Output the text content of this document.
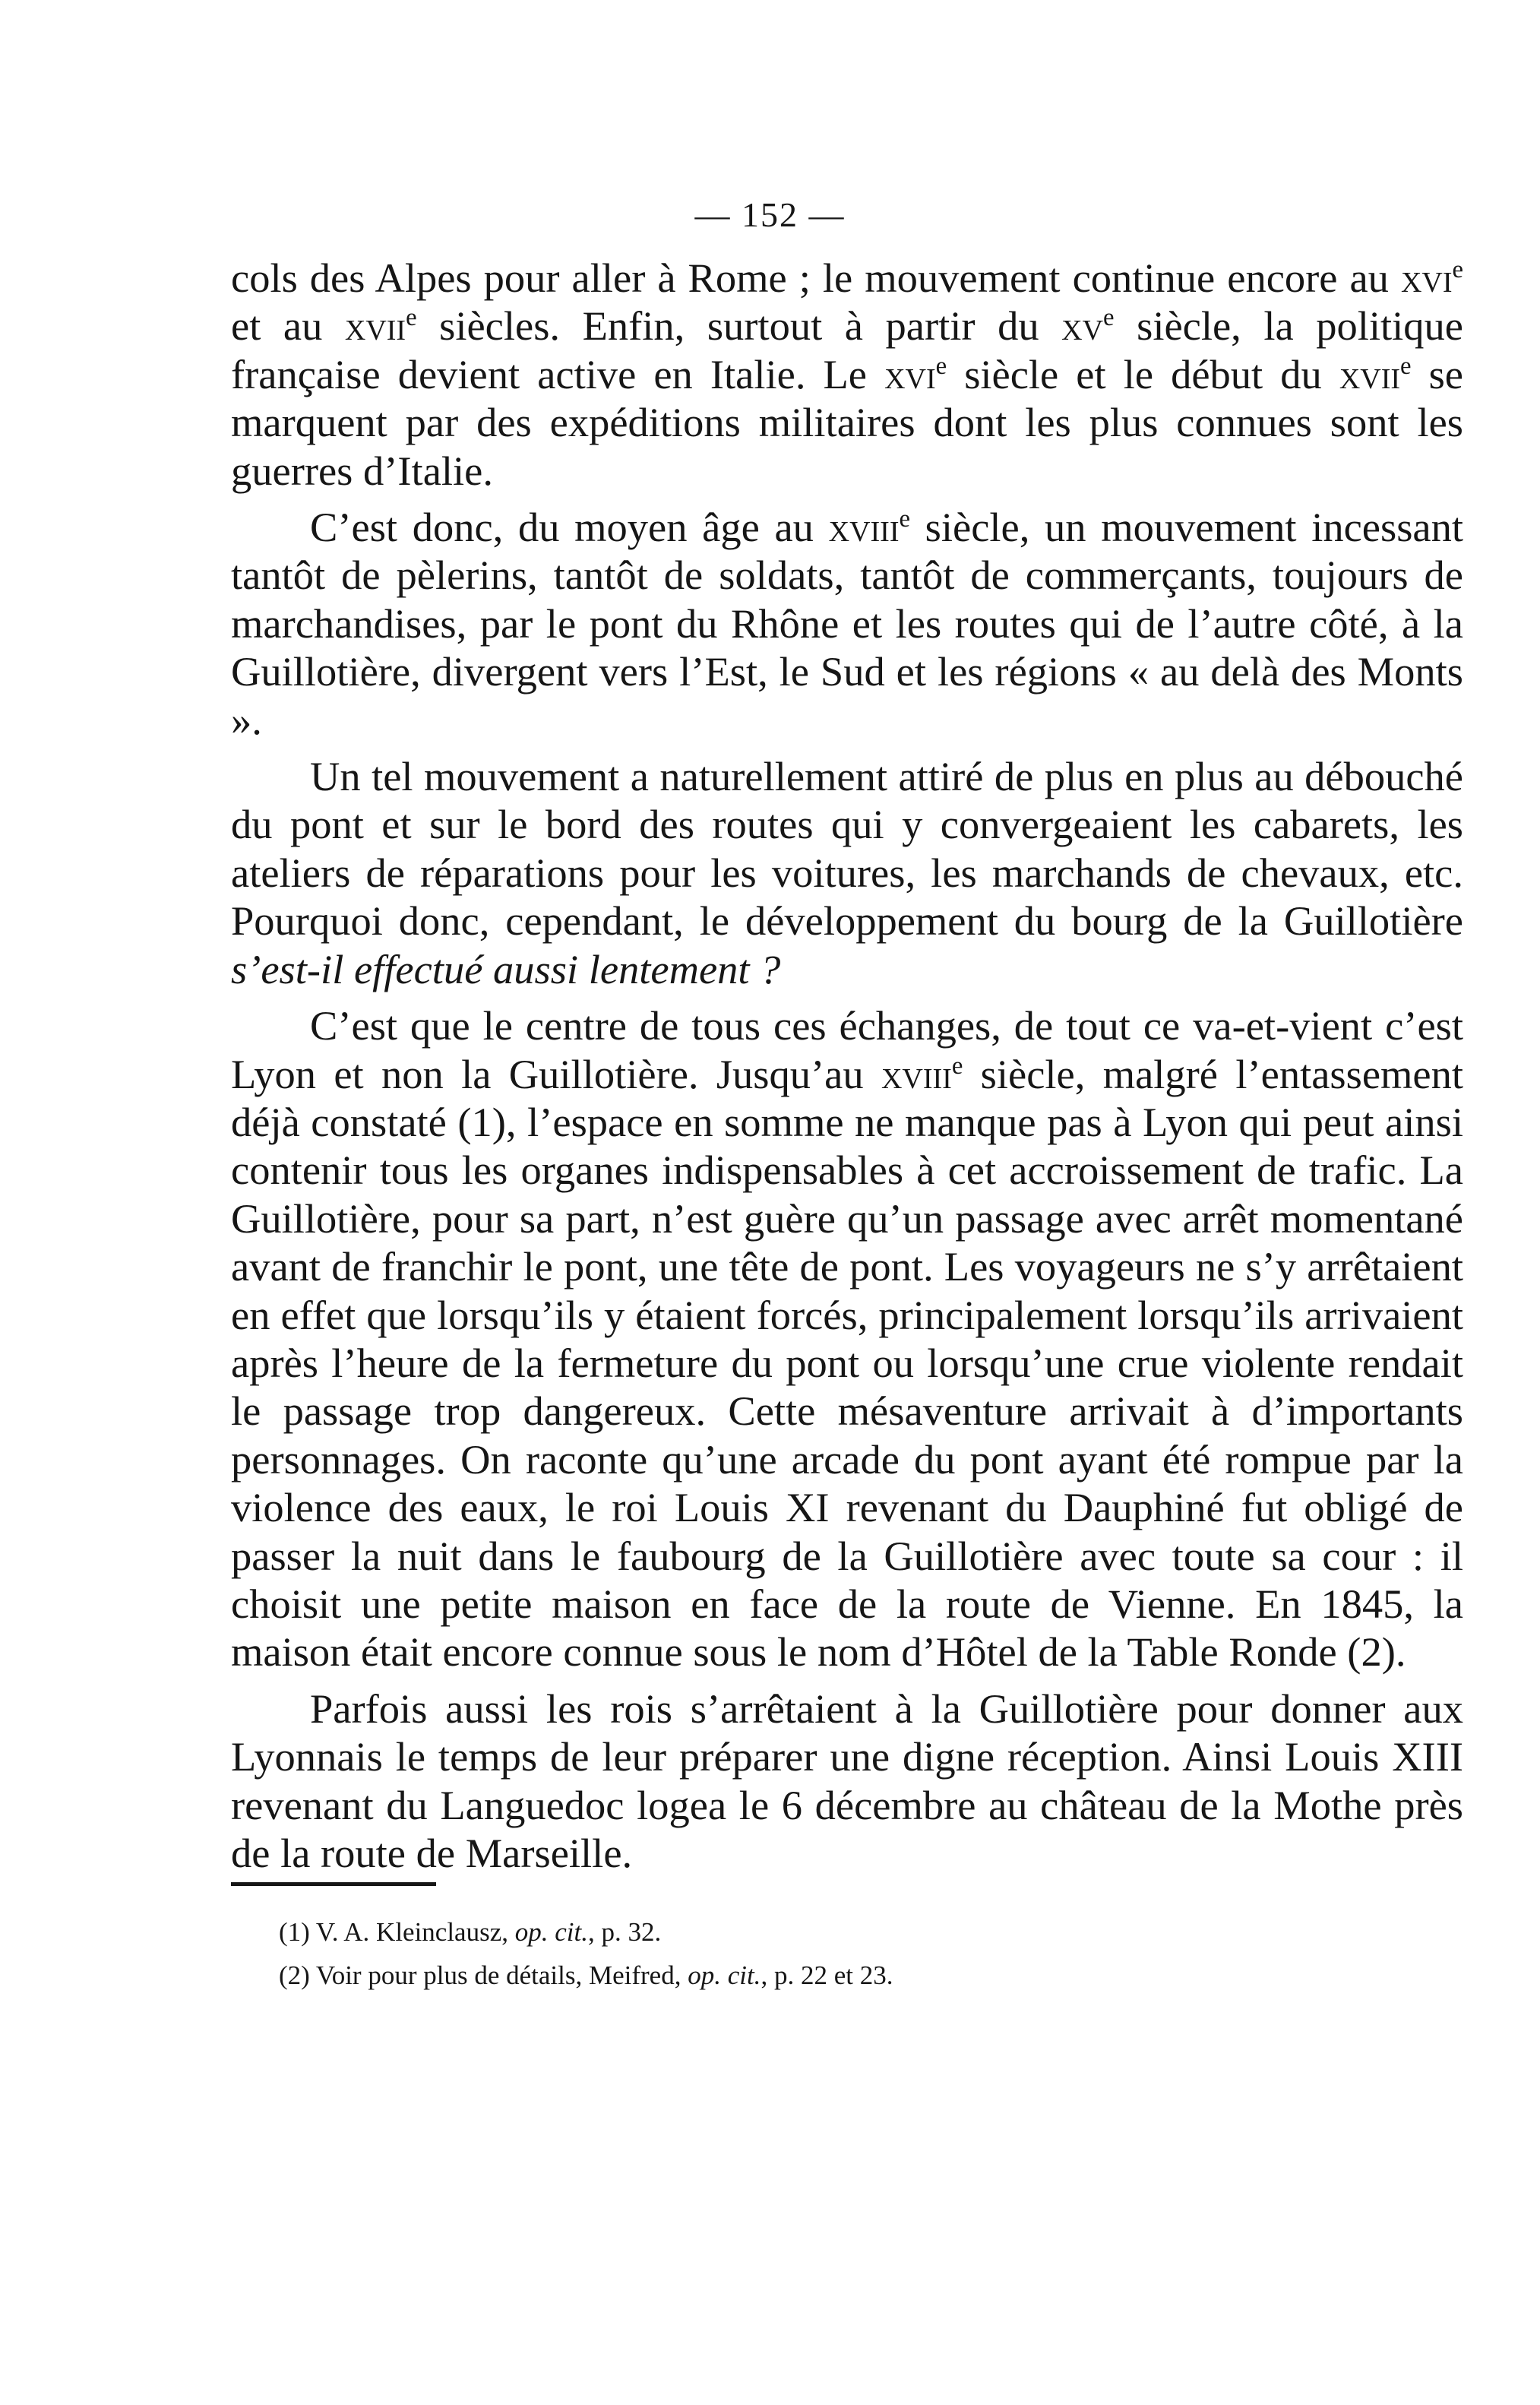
— 152 —

cols des Alpes pour aller à Rome ; le mouvement continue encore au xvi$^e$ et au xvii$^e$ siècles. Enfin, surtout à partir du $xv^e$ siècle, la politique française devient active en Italie. Le xvi$^e$ siècle et le début du xvii$^e$ se marquent par des expéditions militaires dont les plus connues sont les guerres d’Italie.

C’est donc, du moyen âge au xviii$^e$ siècle, un mouvement incessant tantôt de pèlerins, tantôt de soldats, tantôt de commerçants, toujours de marchandises, par le pont du Rhône et les routes qui de l’autre côté, à la Guillotière, divergent vers l’Est, le Sud et les régions « au delà des Monts ».

Un tel mouvement a naturellement attiré de plus en plus au débouché du pont et sur le bord des routes qui y convergeaient les cabarets, les ateliers de réparations pour les voitures, les marchands de chevaux, etc. Pourquoi donc, cependant, le développement du bourg de la Guillotière s’est-il effectué aussi lentement ?

C’est que le centre de tous ces échanges, de tout ce va-et-vient c’est Lyon et non la Guillotière. Jusqu’au xviii$^e$ siècle, malgré l’entassement déjà constaté (1), l’espace en somme ne manque pas à Lyon qui peut ainsi contenir tous les organes indispensables à cet accroissement de trafic. La Guillotière, pour sa part, n’est guère qu’un passage avec arrêt momentané avant de franchir le pont, une tête de pont. Les voyageurs ne s’y arrêtaient en effet que lorsqu’ils y étaient forcés, principalement lorsqu’ils arrivaient après l’heure de la fermeture du pont ou lorsqu’une crue violente rendait le passage trop dangereux. Cette mésaventure arrivait à d’importants personnages. On raconte qu’une arcade du pont ayant été rompue par la violence des eaux, le roi Louis XI revenant du Dauphiné fut obligé de passer la nuit dans le faubourg de la Guillotière avec toute sa cour : il choisit une petite maison en face de la route de Vienne. En 1845, la maison était encore connue sous le nom d’Hôtel de la Table Ronde (2).

Parfois aussi les rois s’arrêtaient à la Guillotière pour donner aux Lyonnais le temps de leur préparer une digne réception. Ainsi Louis XIII revenant du Languedoc logea le 6 décembre au château de la Mothe près de la route de Marseille.

(1) V. A. Kleinclausz, op. cit., p. 32.
(2) Voir pour plus de détails, Meifred, op. cit., p. 22 et 23.
